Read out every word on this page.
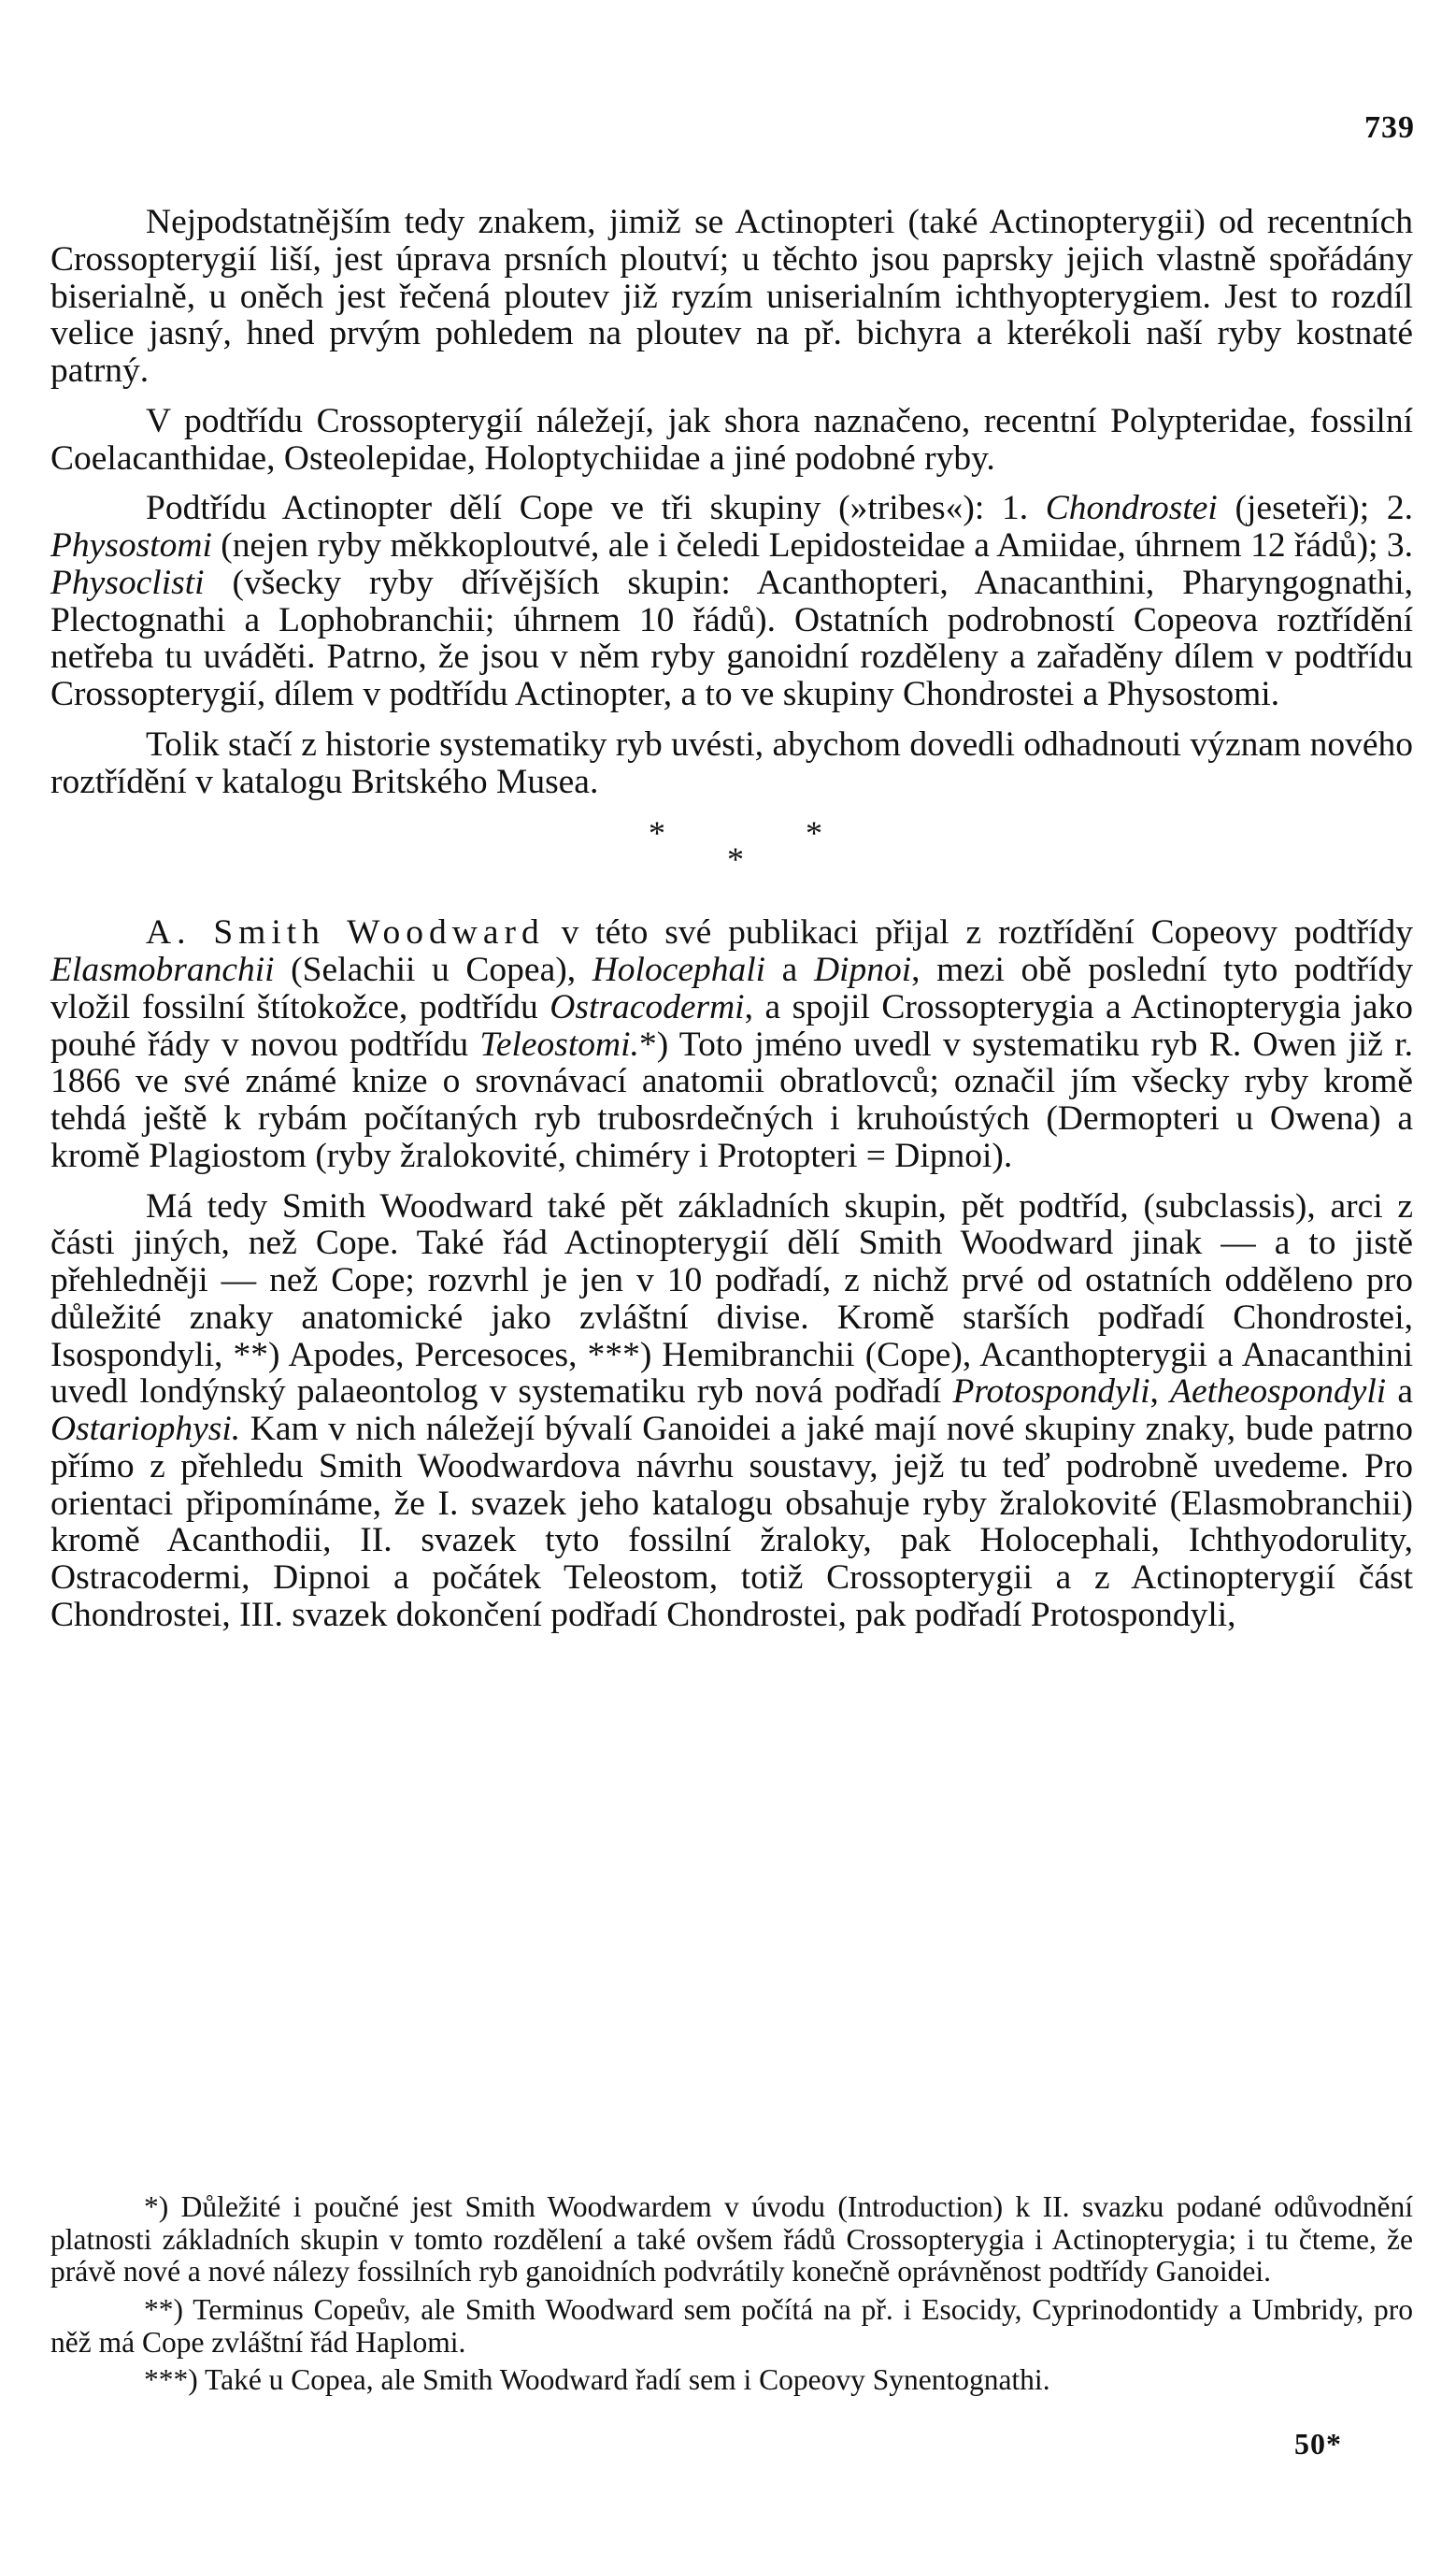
739

Nejpodstatnějším tedy znakem, jimiž se Actinopteri (také Actinopterygii) od recentních Crossopterygií liší, jest úprava prsních ploutví; u těchto jsou paprsky jejich vlastně spořádány biserialně, u oněch jest řečená ploutev již ryzím uniserialním ichthyopterygiem. Jest to rozdíl velice jasný, hned prvým pohledem na ploutev na př. bichyra a kterékoli naší ryby kostnaté patrný.

V podtřídu Crossopterygií náležejí, jak shora naznačeno, recentní Polypteridae, fossilní Coelacanthidae, Osteolepidae, Holoptychiidae a jiné podobné ryby.

Podtřídu Actinopter dělí Cope ve tři skupiny (»tribes«): 1. Chondrostei (jeseteři); 2. Physostomi (nejen ryby měkkoploutvé, ale i čeledi Lepidosteidae a Amiidae, úhrnem 12 řádů); 3. Physoclisti (všecky ryby dřívějších skupin: Acanthopteri, Anacanthini, Pharyngognathi, Plectognathi a Lophobranchii; úhrnem 10 řádů). Ostatních podrobností Copeova roztřídění netřeba tu uváděti. Patrno, že jsou v něm ryby ganoidní rozděleny a zařaděny dílem v podtřídu Crossopterygií, dílem v podtřídu Actinopter, a to ve skupiny Chondrostei a Physostomi.

Tolik stačí z historie systematiky ryb uvésti, abychom dovedli odhadnouti význam nového roztřídění v katalogu Britského Musea.

*
*
*

A. Smith Woodward v této své publikaci přijal z roztřídění Copeovy podtřídy Elasmobranchii (Selachii u Copea), Holocephali a Dipnoi, mezi obě poslední tyto podtřídy vložil fossilní štítokožce, podtřídu Ostracodermi, a spojil Crossopterygia a Actinopterygia jako pouhé řády v novou podtřídu Teleostomi.*) Toto jméno uvedl v systematiku ryb R. Owen již r. 1866 ve své známé knize o srovnávací anatomii obratlovců; označil jím všecky ryby kromě tehdá ještě k rybám počítaných ryb trubosrdečných i kruhoústých (Dermopteri u Owena) a kromě Plagiostom (ryby žralokovité, chiméry i Protopteri = Dipnoi).

Má tedy Smith Woodward také pět základních skupin, pět podtříd, (subclassis), arci z části jiných, než Cope. Také řád Actinopterygií dělí Smith Woodward jinak — a to jistě přehledněji — než Cope; rozvrhl je jen v 10 podřadí, z nichž prvé od ostatních odděleno pro důležité znaky anatomické jako zvláštní divise. Kromě starších podřadí Chondrostei, Isospondyli, **) Apodes, Percesoces, ***) Hemibranchii (Cope), Acanthopterygii a Anacanthini uvedl londýnský palaeontolog v systematiku ryb nová podřadí Protospondyli, Aetheospondyli a Ostariophysi. Kam v nich náležejí bývalí Ganoidei a jaké mají nové skupiny znaky, bude patrno přímo z přehledu Smith Woodwardova návrhu soustavy, jejž tu teď podrobně uvedeme. Pro orientaci připomínáme, že I. svazek jeho katalogu obsahuje ryby žralokovité (Elasmobranchii) kromě Acanthodii, II. svazek tyto fossilní žraloky, pak Holocephali, Ichthyodorulity, Ostracodermi, Dipnoi a počátek Teleostom, totiž Crossopterygii a z Actinopterygií část Chondrostei, III. svazek dokončení podřadí Chondrostei, pak podřadí Protospondyli,

*) Důležité i poučné jest Smith Woodwardem v úvodu (Introduction) k II. svazku podané odůvodnění platnosti základních skupin v tomto rozdělení a také ovšem řádů Crossopterygia i Actinopterygia; i tu čteme, že právě nové a nové nálezy fossilních ryb ganoidních podvrátily konečně oprávněnost podtřídy Ganoidei.

**) Terminus Copeův, ale Smith Woodward sem počítá na př. i Esocidy, Cyprinodontidy a Umbridy, pro něž má Cope zvláštní řád Haplomi.

***) Také u Copea, ale Smith Woodward řadí sem i Copeovy Synentognathi.

50*
